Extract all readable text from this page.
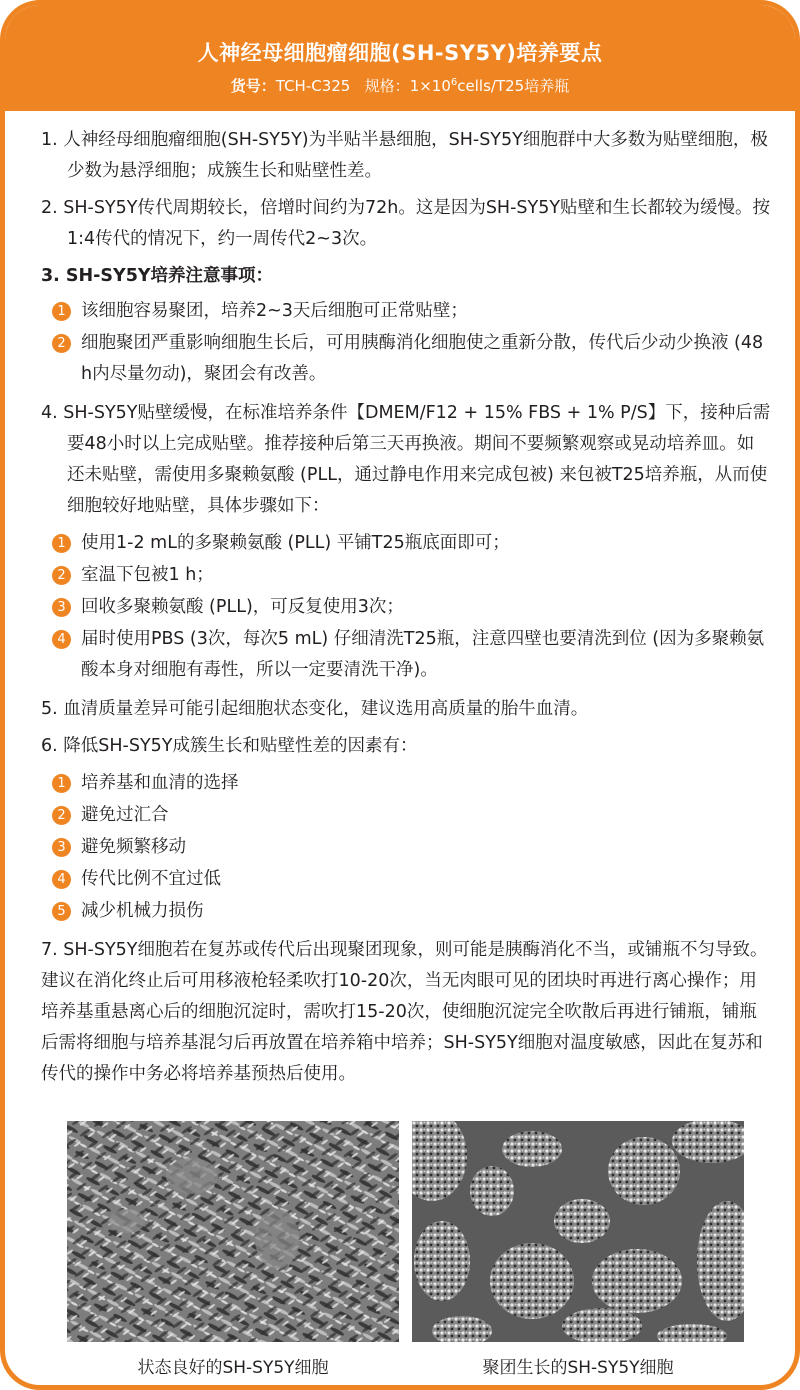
人神经母细胞瘤细胞(SH-SY5Y)培养要点
货号：TCH-C325 规格：$1\times 10^6cells/T25$培养瓶

1. 人神经母细胞瘤细胞(SH-SY5Y)为半贴半悬细胞，SH-SY5Y细胞群中大多数为贴壁细胞，极少数为悬浮细胞；成簇生长和贴壁性差。

2. SH-SY5Y传代周期较长，倍增时间约为72h。这是因为SH-SY5Y贴壁和生长都较为缓慢。按1:4传代的情况下，约一周传代2~3次。

3. SH-SY5Y培养注意事项：

1 该细胞容易聚团，培养2~3天后细胞可正常贴壁；
2 细胞聚团严重影响细胞生长后，可用胰酶消化细胞使之重新分散，传代后少动少换液 (48 h内尽量勿动)，聚团会有改善。

4. SH-SY5Y贴壁缓慢，在标准培养条件【DMEM/F12 + 15% FBS + 1% P/S】下，接种后需要48小时以上完成贴壁。推荐接种后第三天再换液。期间不要频繁观察或晃动培养皿。如还未贴壁，需使用多聚赖氨酸 (PLL，通过静电作用来完成包被) 来包被T25培养瓶，从而使细胞较好地贴壁，具体步骤如下：

1 使用1-2 mL的多聚赖氨酸 (PLL) 平铺T25瓶底面即可；
2 室温下包被1 h；
3 回收多聚赖氨酸 (PLL)，可反复使用3次；
4 届时使用PBS (3次，每次5 mL) 仔细清洗T25瓶，注意四壁也要清洗到位 (因为多聚赖氨酸本身对细胞有毒性，所以一定要清洗干净)。

5. 血清质量差异可能引起细胞状态变化，建议选用高质量的胎牛血清。

6. 降低SH-SY5Y成簇生长和贴壁性差的因素有：

1 培养基和血清的选择
2 避免过汇合
3 避免频繁移动
4 传代比例不宜过低
5 减少机械力损伤

7. SH-SY5Y细胞若在复苏或传代后出现聚团现象，则可能是胰酶消化不当，或铺瓶不匀导致。建议在消化终止后可用移液枪轻柔吹打10-20次，当无肉眼可见的团块时再进行离心操作；用培养基重悬离心后的细胞沉淀时，需吹打15-20次，使细胞沉淀完全吹散后再进行铺瓶，铺瓶后需将细胞与培养基混匀后再放置在培养箱中培养；SH-SY5Y细胞对温度敏感，因此在复苏和传代的操作中务必将培养基预热后使用。

状态良好的SH-SY5Y细胞	聚团生长的SH-SY5Y细胞
